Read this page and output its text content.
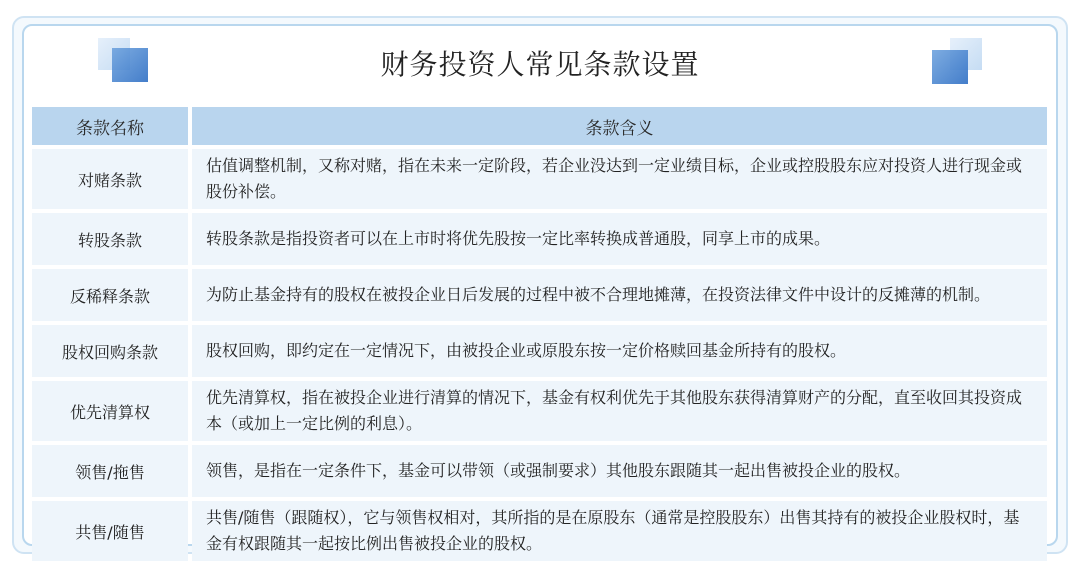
财务投资人常见条款设置
条款名称		条款含义
对赌条款		估值调整机制，又称对赌，指在未来一定阶段，若企业没达到一定业绩目标，企业或控股股东应对投资人进行现金或股份补偿。
转股条款		转股条款是指投资者可以在上市时将优先股按一定比率转换成普通股，同享上市的成果。
反稀释条款		为防止基金持有的股权在被投企业日后发展的过程中被不合理地摊薄，在投资法律文件中设计的反摊薄的机制。
股权回购条款		股权回购，即约定在一定情况下，由被投企业或原股东按一定价格赎回基金所持有的股权。
优先清算权		优先清算权，指在被投企业进行清算的情况下，基金有权利优先于其他股东获得清算财产的分配，直至收回其投资成本（或加上一定比例的利息）。
领售/拖售		领售，是指在一定条件下，基金可以带领（或强制要求）其他股东跟随其一起出售被投企业的股权。
共售/随售		共售/随售（跟随权），它与领售权相对，其所指的是在原股东（通常是控股股东）出售其持有的被投企业股权时，基金有权跟随其一起按比例出售被投企业的股权。
